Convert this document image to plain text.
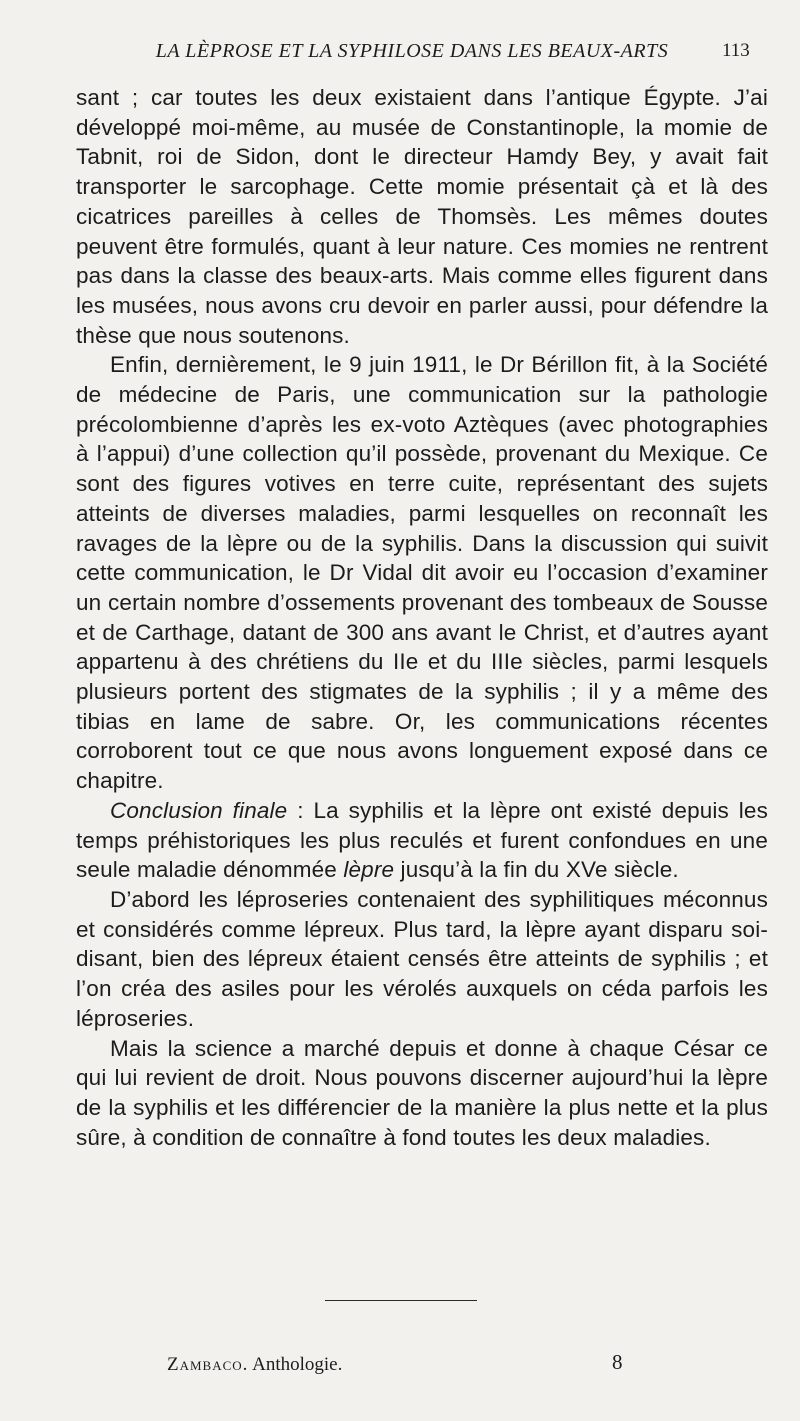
LA LÈPROSE ET LA SYPHILOSE DANS LES BEAUX-ARTS	113

sant ; car toutes les deux existaient dans l’antique Égypte. J’ai développé moi-même, au musée de Constantinople, la momie de Tabnit, roi de Sidon, dont le directeur Hamdy Bey, y avait fait transporter le sarcophage. Cette momie présentait çà et là des cicatrices pareilles à celles de Thomsès. Les mêmes doutes peuvent être formulés, quant à leur nature. Ces momies ne rentrent pas dans la classe des beaux-arts. Mais comme elles figurent dans les musées, nous avons cru devoir en parler aussi, pour défendre la thèse que nous soutenons.

Enfin, dernièrement, le 9 juin 1911, le Dr Bérillon fit, à la Société de médecine de Paris, une communication sur la pathologie précolombienne d’après les ex-voto Aztèques (avec photographies à l’appui) d’une collection qu’il possède, provenant du Mexique. Ce sont des figures votives en terre cuite, représentant des sujets atteints de diverses maladies, parmi lesquelles on reconnaît les ravages de la lèpre ou de la syphilis. Dans la discussion qui suivit cette communication, le Dr Vidal dit avoir eu l’occasion d’examiner un certain nombre d’ossements provenant des tombeaux de Sousse et de Carthage, datant de 300 ans avant le Christ, et d’autres ayant appartenu à des chrétiens du IIe et du IIIe siècles, parmi lesquels plusieurs portent des stigmates de la syphilis ; il y a même des tibias en lame de sabre. Or, les communications récentes corroborent tout ce que nous avons longuement exposé dans ce chapitre.

Conclusion finale : La syphilis et la lèpre ont existé depuis les temps préhistoriques les plus reculés et furent confondues en une seule maladie dénommée lèpre jusqu’à la fin du XVe siècle.

D’abord les léproseries contenaient des syphilitiques méconnus et considérés comme lépreux. Plus tard, la lèpre ayant disparu soi-disant, bien des lépreux étaient censés être atteints de syphilis ; et l’on créa des asiles pour les vérolés auxquels on céda parfois les léproseries.

Mais la science a marché depuis et donne à chaque César ce qui lui revient de droit. Nous pouvons discerner aujourd’hui la lèpre de la syphilis et les différencier de la manière la plus nette et la plus sûre, à condition de connaître à fond toutes les deux maladies.

Zambaco. Anthologie.	8
